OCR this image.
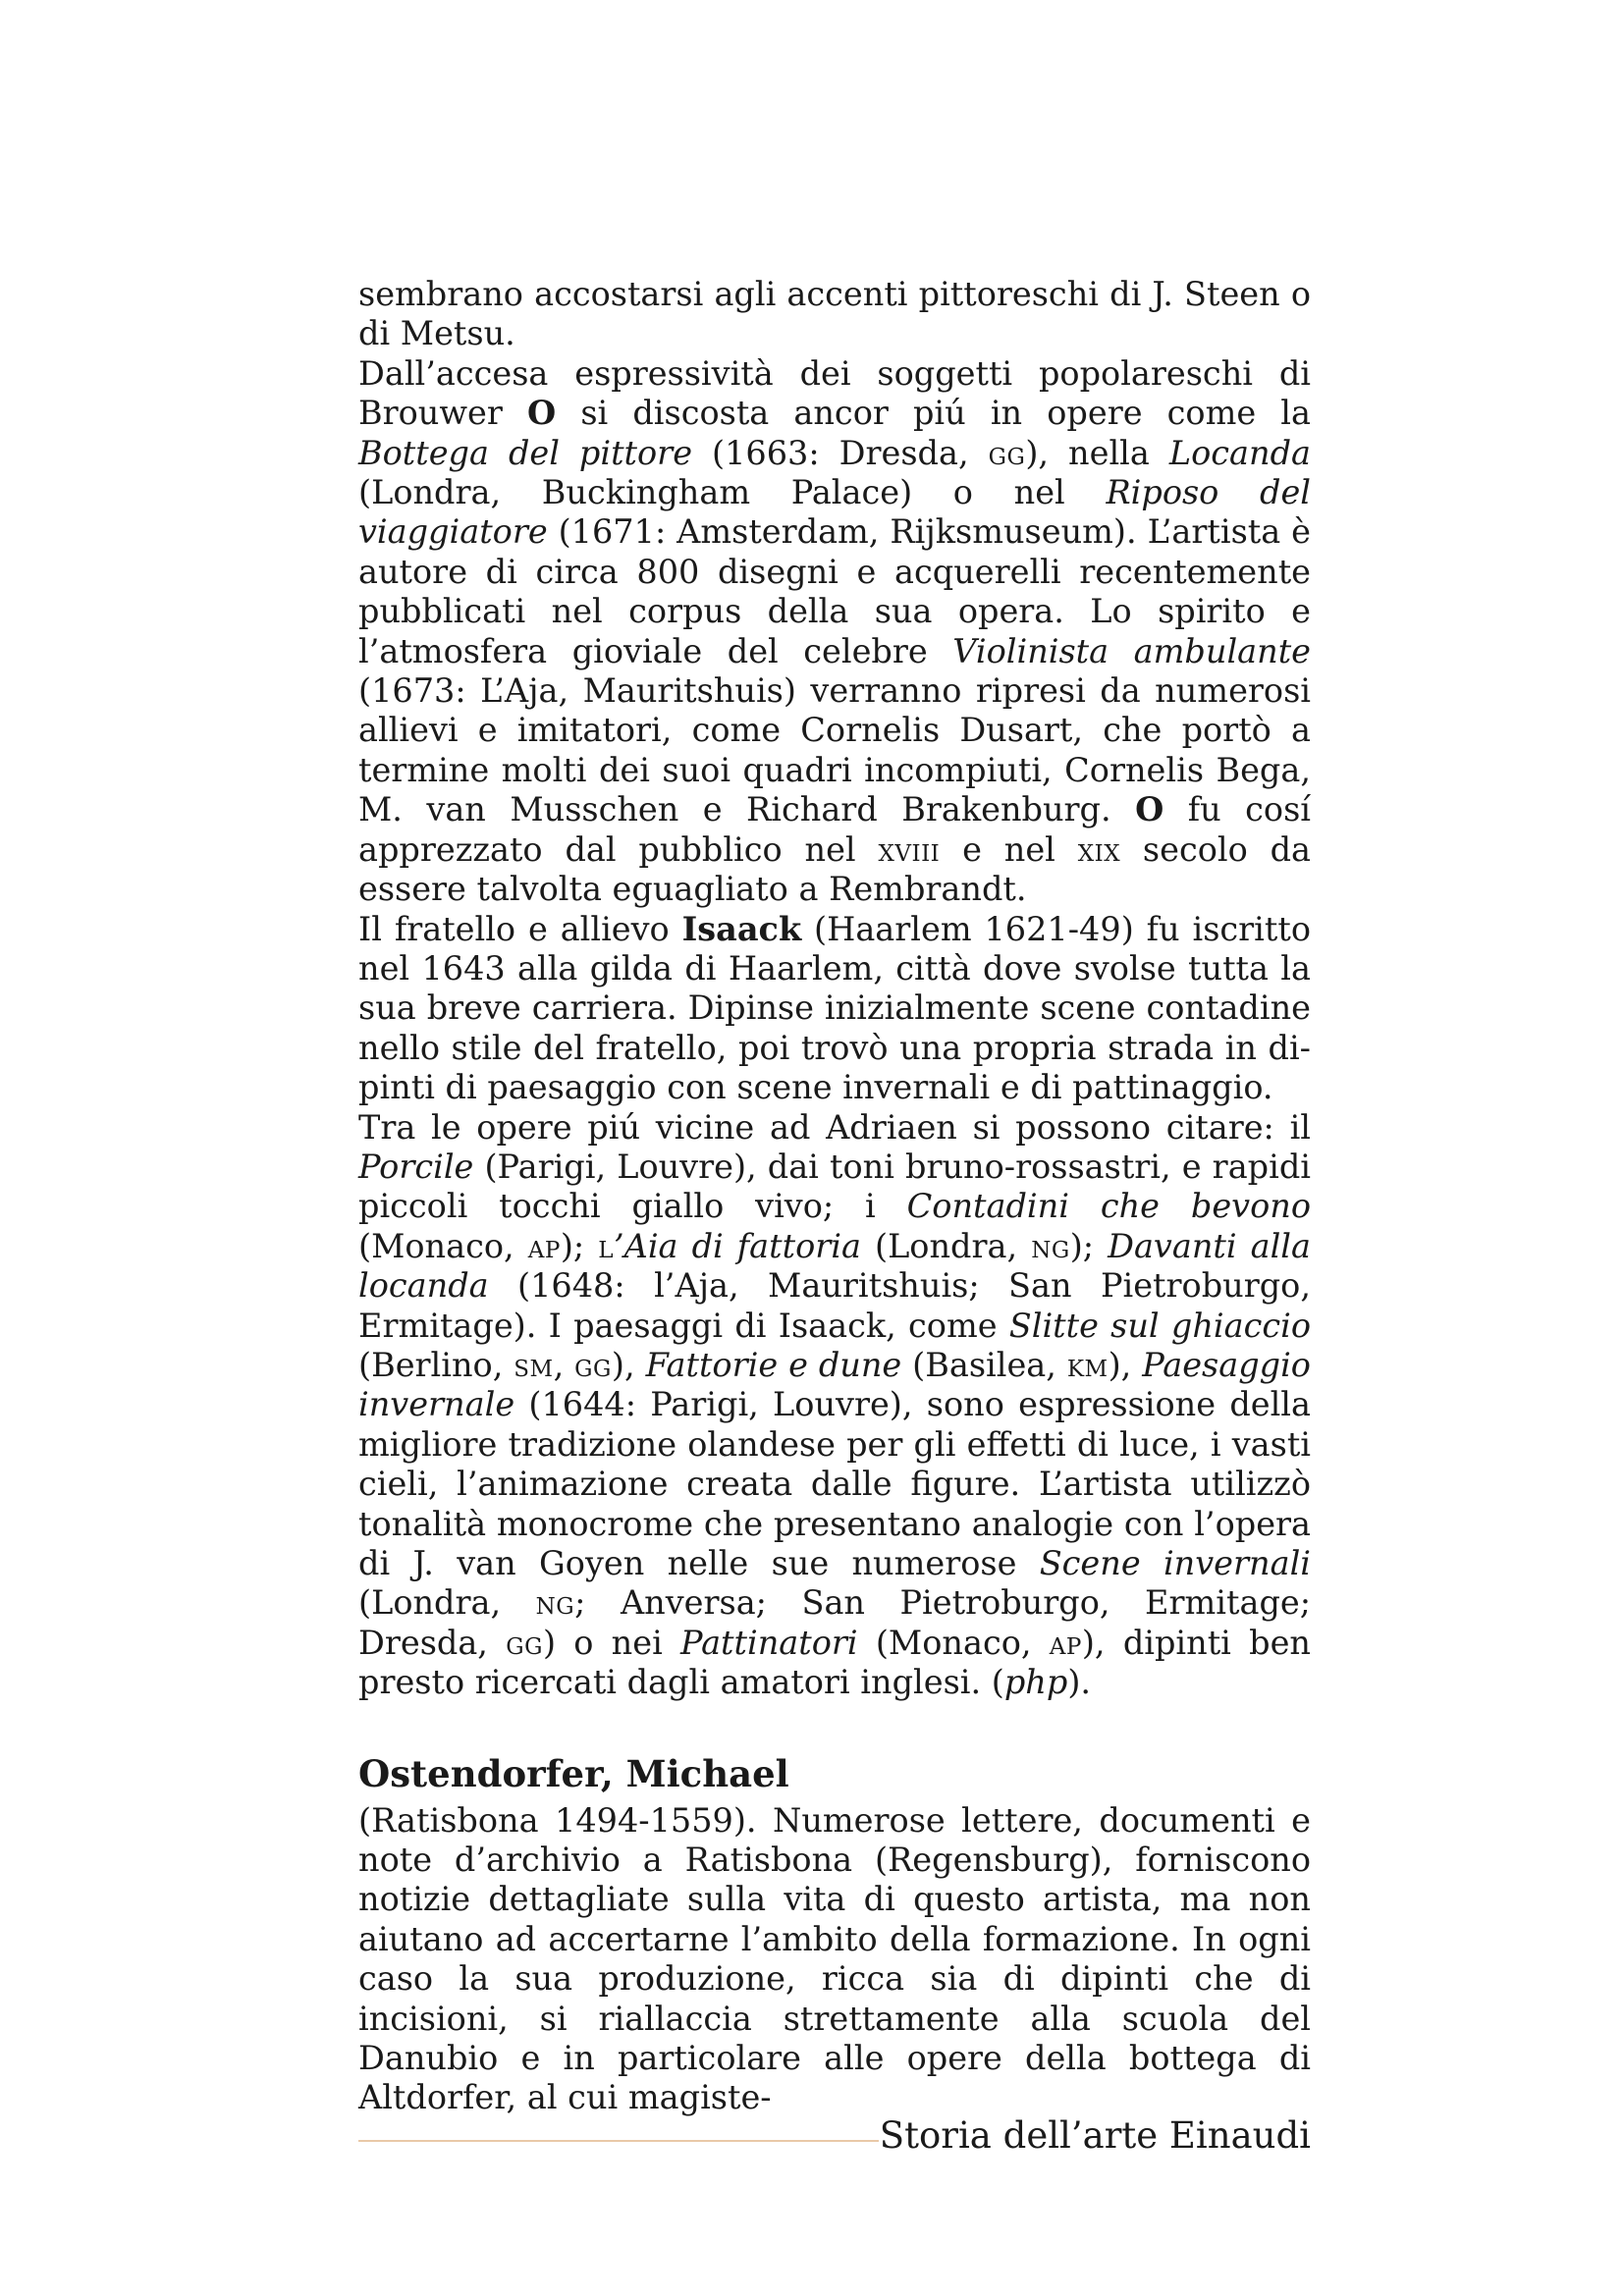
sembrano accostarsi agli accenti pittoreschi di J. Steen o di Metsu.

Dall’accesa espressività dei soggetti popolareschi di Brouwer O si discosta ancor piú in opere come la Bottega del pittore (1663: Dresda, gg), nella Locanda (Londra, Buckingham Palace) o nel Riposo del viaggiatore (1671: Amsterdam, Rijksmuseum). L’artista è autore di circa 800 disegni e acquerelli recentemente pubblicati nel corpus della sua opera. Lo spirito e l’atmosfera gioviale del celebre Violinista ambulante (1673: L’Aja, Mauritshuis) verranno ripresi da numerosi allievi e imitatori, come Cornelis Dusart, che portò a termine molti dei suoi quadri incompiuti, Cornelis Bega, M. van Musschen e Richard Brakenburg. O fu cosí apprezzato dal pubblico nel xviii e nel xix secolo da essere talvolta eguagliato a Rembrandt.

Il fratello e allievo Isaack (Haarlem 1621-49) fu iscritto nel 1643 alla gilda di Haarlem, città dove svolse tutta la sua breve carriera. Dipinse inizialmente scene contadine nello stile del fratello, poi trovò una propria strada in dipinti di paesaggio con scene invernali e di pattinaggio.

Tra le opere piú vicine ad Adriaen si possono citare: il Porcile (Parigi, Louvre), dai toni bruno-rossastri, e rapidi piccoli tocchi giallo vivo; i Contadini che bevono (Monaco, ap); l’Aia di fattoria (Londra, ng); Davanti alla locanda (1648: l’Aja, Mauritshuis; San Pietroburgo, Ermitage). I paesaggi di Isaack, come Slitte sul ghiaccio (Berlino, sm, gg), Fattorie e dune (Basilea, km), Paesaggio invernale (1644: Parigi, Louvre), sono espressione della migliore tradizione olandese per gli effetti di luce, i vasti cieli, l’animazione creata dalle figure. L’artista utilizzò tonalità monocrome che presentano analogie con l’opera di J. van Goyen nelle sue numerose Scene invernali (Londra, ng; Anversa; San Pietroburgo, Ermitage; Dresda, gg) o nei Pattinatori (Monaco, ap), dipinti ben presto ricercati dagli amatori inglesi. (php).

Ostendorfer, Michael

(Ratisbona 1494-1559). Numerose lettere, documenti e note d’archivio a Ratisbona (Regensburg), forniscono notizie dettagliate sulla vita di questo artista, ma non aiutano ad accertarne l’ambito della formazione. In ogni caso la sua produzione, ricca sia di dipinti che di incisioni, si riallaccia strettamente alla scuola del Danubio e in particolare alle opere della bottega di Altdorfer, al cui magiste-

Storia dell’arte Einaudi
